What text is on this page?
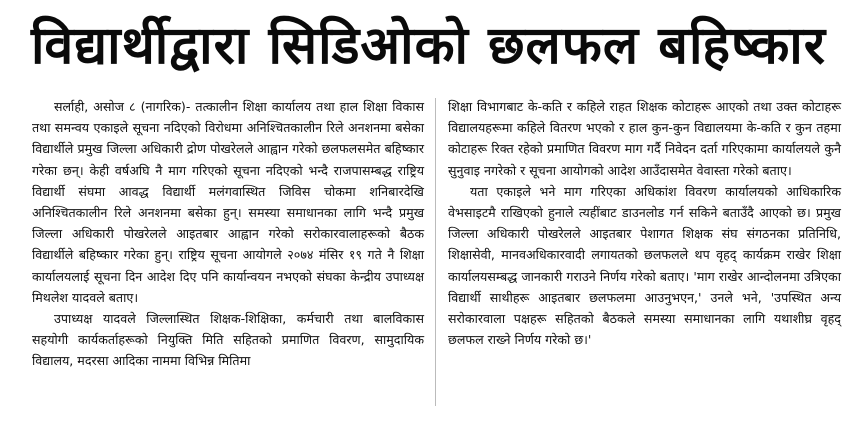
विद्यार्थीद्वारा सिडिओको छलफल बहिष्कार

सर्लाही, असोज ८ (नागरिक)- तत्कालीन शिक्षा कार्यालय तथा हाल शिक्षा विकास तथा समन्वय एकाइले सूचना नदिएको विरोधमा अनिश्चितकालीन रिले अनशनमा बसेका विद्यार्थीले प्रमुख जिल्ला अधिकारी द्रोण पोखरेलले आह्वान गरेको छलफलसमेत बहिष्कार गरेका छन्। केही वर्षअघि नै माग गरिएको सूचना नदिएको भन्दै राजपासम्बद्ध राष्ट्रिय विद्यार्थी संघमा आवद्ध विद्यार्थी मलंगवास्थित जिविस चोकमा शनिबारदेखि अनिश्चितकालीन रिले अनशनमा बसेका हुन्। समस्या समाधानका लागि भन्दै प्रमुख जिल्ला अधिकारी पोखरेलले आइतबार आह्वान गरेको सरोकारवालाहरूको बैठक विद्यार्थीले बहिष्कार गरेका हुन्। राष्ट्रिय सूचना आयोगले २०७४ मंसिर १९ गते नै शिक्षा कार्यालयलाई सूचना दिन आदेश दिए पनि कार्यान्वयन नभएको संघका केन्द्रीय उपाध्यक्ष मिथलेश यादवले बताए।

उपाध्यक्ष यादवले जिल्लास्थित शिक्षक-शिक्षिका, कर्मचारी तथा बालविकास सहयोगी कार्यकर्ताहरूको नियुक्ति मिति सहितको प्रमाणित विवरण, सामुदायिक विद्यालय, मदरसा आदिका नाममा विभिन्न मितिमा

शिक्षा विभागबाट के-कति र कहिले राहत शिक्षक कोटाहरू आएको तथा उक्त कोटाहरू विद्यालयहरूमा कहिले वितरण भएको र हाल कुन-कुन विद्यालयमा के-कति र कुन तहमा कोटाहरू रिक्त रहेको प्रमाणित विवरण माग गर्दै निवेदन दर्ता गरिएकामा कार्यालयले कुनै सुनुवाइ नगरेको र सूचना आयोगको आदेश आउँदासमेत वेवास्ता गरेको बताए।

यता एकाइले भने माग गरिएका अधिकांश विवरण कार्यालयको आधिकारिक वेभसाइटमै राखिएको हुनाले त्यहींबाट डाउनलोड गर्न सकिने बताउँदै आएको छ। प्रमुख जिल्ला अधिकारी पोखरेलले आइतबार पेशागत शिक्षक संघ संगठनका प्रतिनिधि, शिक्षासेवी, मानवअधिकारवादी लगायतको छलफलले थप वृहद् कार्यक्रम राखेर शिक्षा कार्यालयसम्बद्ध जानकारी गराउने निर्णय गरेको बताए। 'माग राखेर आन्दोलनमा उत्रिएका विद्यार्थी साथीहरू आइतबार छलफलमा आउनुभएन,' उनले भने, 'उपस्थित अन्य सरोकारवाला पक्षहरू सहितको बैठकले समस्या समाधानका लागि यथाशीघ्र वृहद् छलफल राख्ने निर्णय गरेको छ।'
